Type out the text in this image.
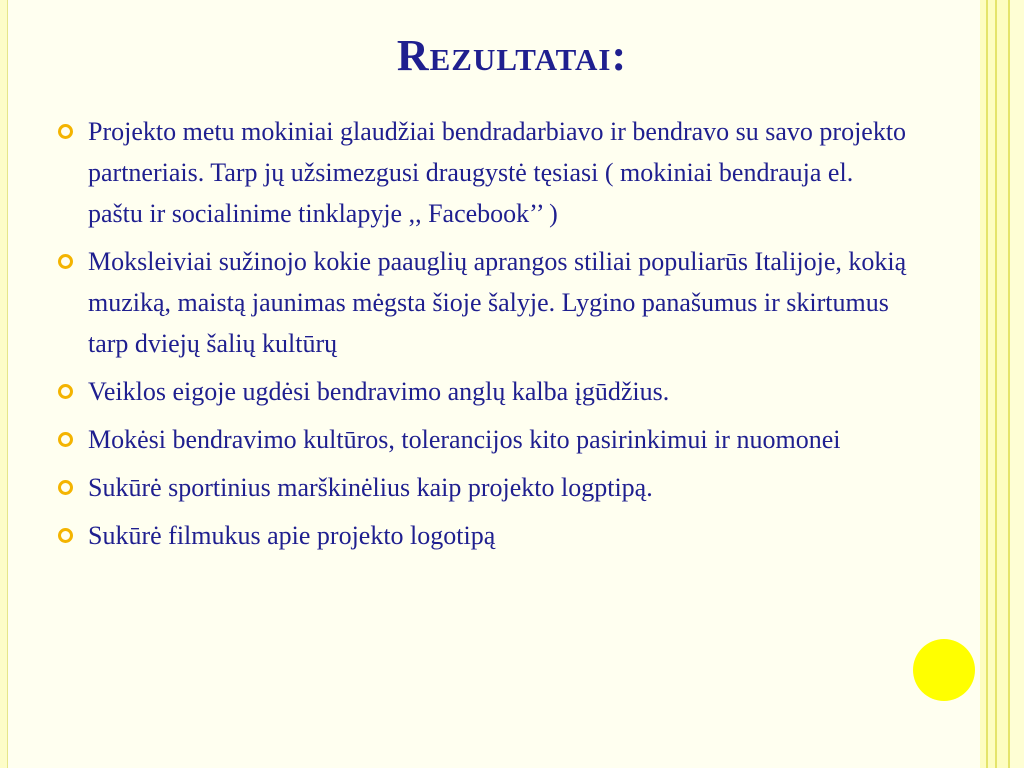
Rezultatai:
Projekto metu mokiniai glaudžiai bendradarbiavo ir bendravo su savo projekto partneriais. Tarp jų užsimezgusi draugystė tęsiasi ( mokiniai bendrauja el. paštu ir socialinime tinklapyje ,, Facebook’’ )
Moksleiviai sužinojo kokie paauglių aprangos stiliai populiarūs Italijoje, kokią muziką, maistą jaunimas mėgsta šioje šalyje. Lygino panašumus ir skirtumus tarp dviejų šalių kultūrų
Veiklos eigoje ugdėsi bendravimo anglų kalba įgūdžius.
Mokėsi bendravimo kultūros, tolerancijos kito pasirinkimui ir nuomonei
Sukūrė sportinius marškinėlius kaip projekto logptipą.
Sukūrė filmukus apie projekto logotipą
